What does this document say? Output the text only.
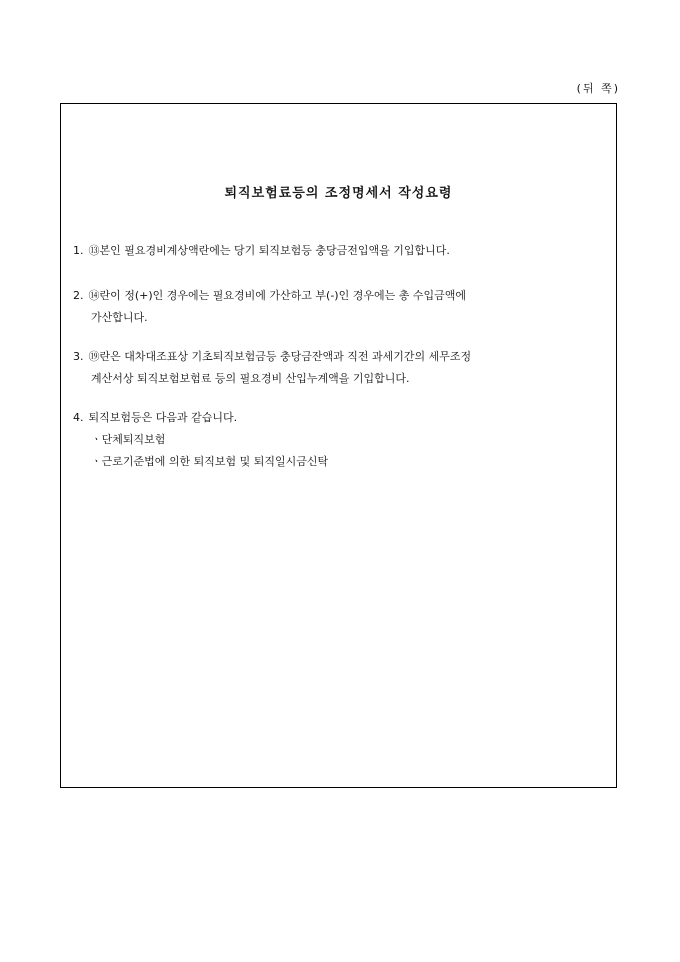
(뒤 쪽)
퇴직보험료등의 조정명세서 작성요령
1. ⑬본인 필요경비계상액란에는 당기 퇴직보험등 충당금전입액을 기입합니다.
2. ⑭란이 정(+)인 경우에는 필요경비에 가산하고 부(-)인 경우에는 총 수입금액에
가산합니다.
3. ⑲란은 대차대조표상 기초퇴직보험금등 충당금잔액과 직전 과세기간의 세무조정
계산서상 퇴직보험보험료 등의 필요경비 산입누계액을 기입합니다.
4. 퇴직보험등은 다음과 같습니다.
ㆍ단체퇴직보험
ㆍ근로기준법에 의한 퇴직보험 및 퇴직일시금신탁
